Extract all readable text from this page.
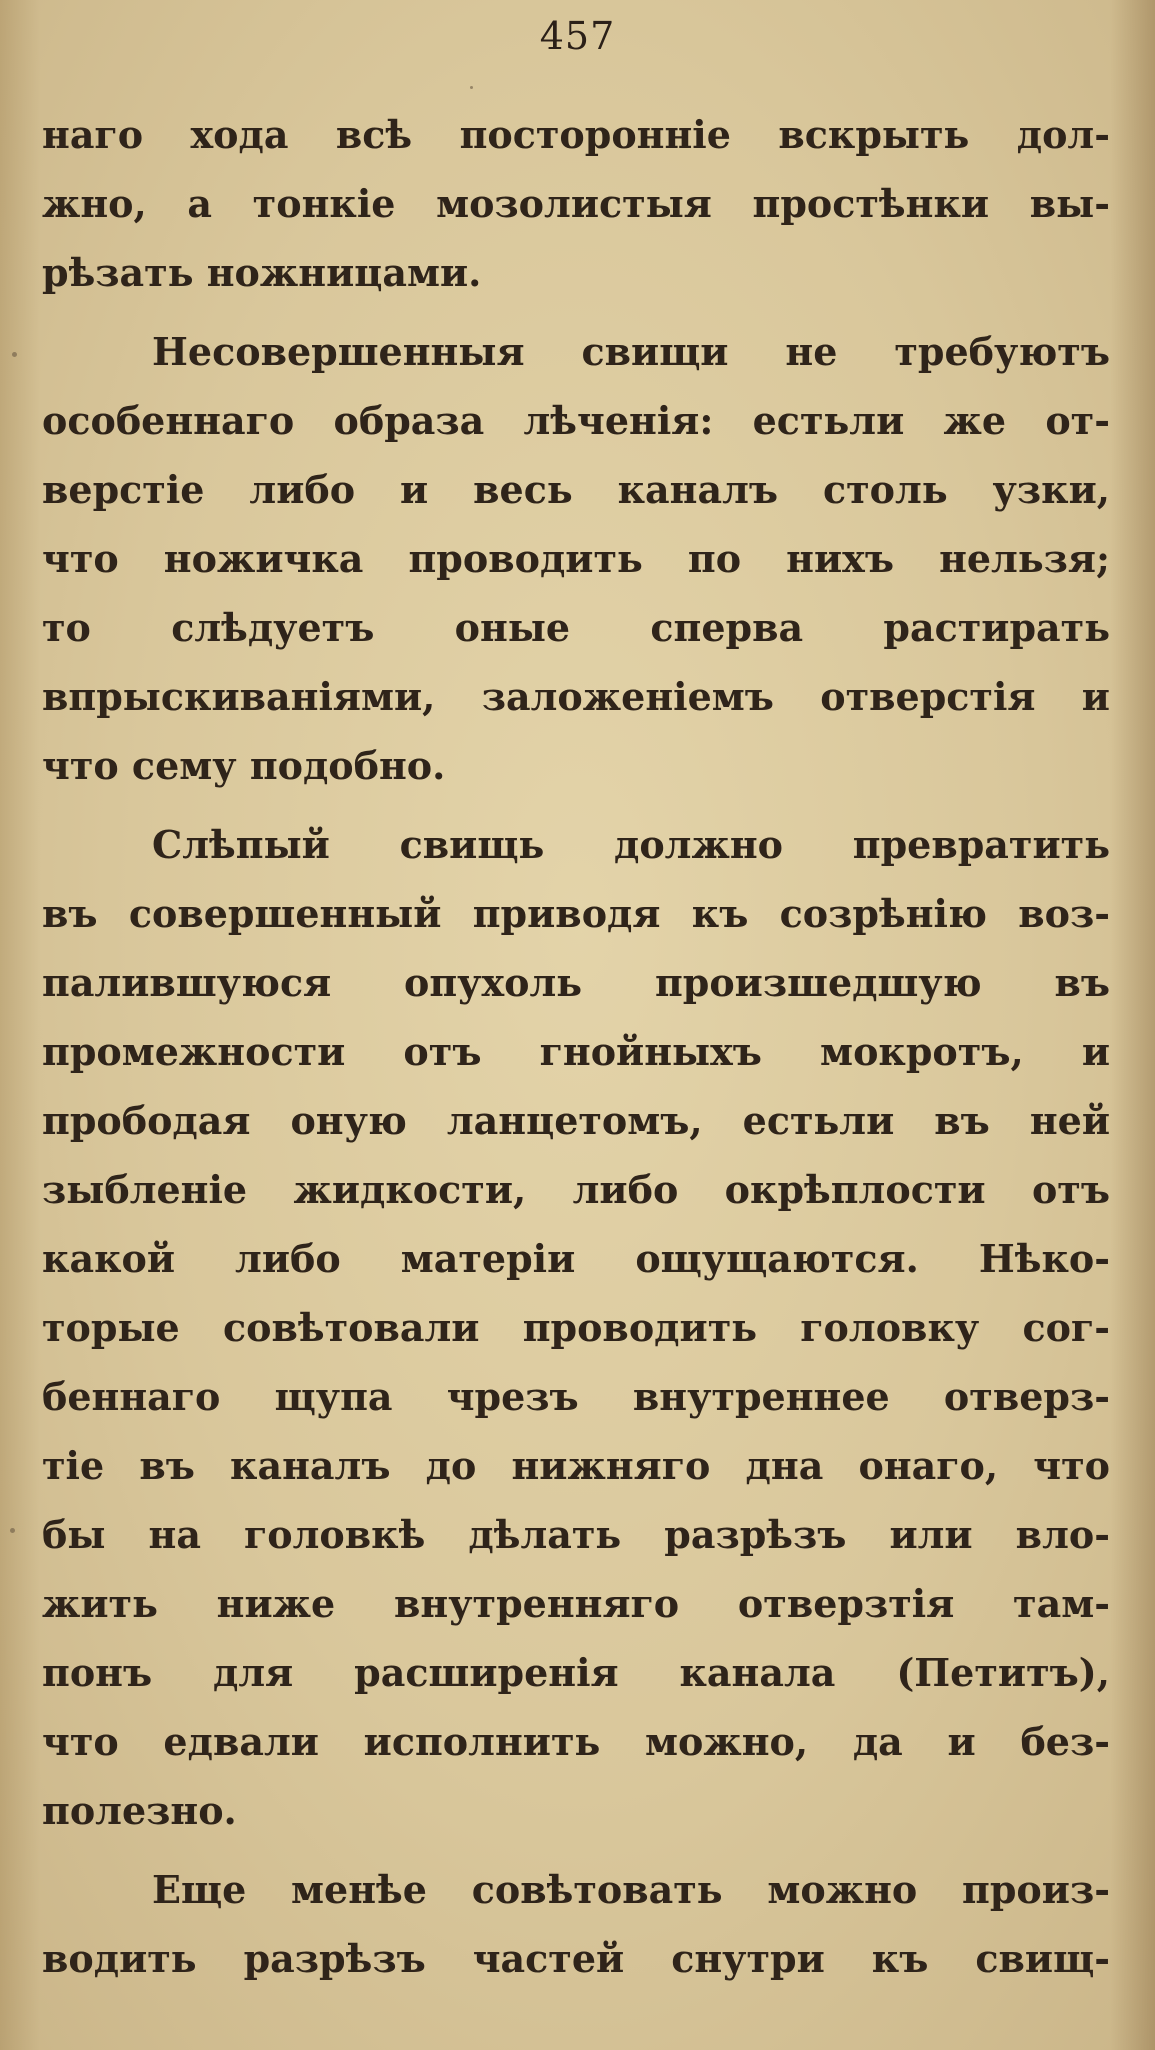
457
наго хода всѣ посторонніе вскрыть дол-
жно, а тонкіе мозолистыя простѣнки вы-
рѣзать ножницами.
Несовершенныя свищи не требуютъ
особеннаго образа лѣченія: естьли же от-
верстіе либо и весь каналъ столь узки,
что ножичка проводить по нихъ нельзя;
то слѣдуетъ оные сперва растирать
впрыскиваніями, заложеніемъ отверстія и
что сему подобно.
Слѣпый свищь должно превратить
въ совершенный приводя къ созрѣнію воз-
палившуюся опухоль произшедшую въ
промежности отъ гнойныхъ мокротъ, и
прободая оную ланцетомъ, естьли въ ней
зыбленіе жидкости, либо окрѣплости отъ
какой либо матеріи ощущаются. Нѣко-
торые совѣтовали проводить головку сог-
беннаго щупа чрезъ внутреннее отверз-
тіе въ каналъ до нижняго дна онаго, что
бы на головкѣ дѣлать разрѣзъ или вло-
жить ниже внутренняго отверзтія там-
понъ для расширенія канала (Петитъ),
что едвали исполнить можно, да и без-
полезно.
Еще менѣе совѣтовать можно произ-
водить разрѣзъ частей снутри къ свищ-
